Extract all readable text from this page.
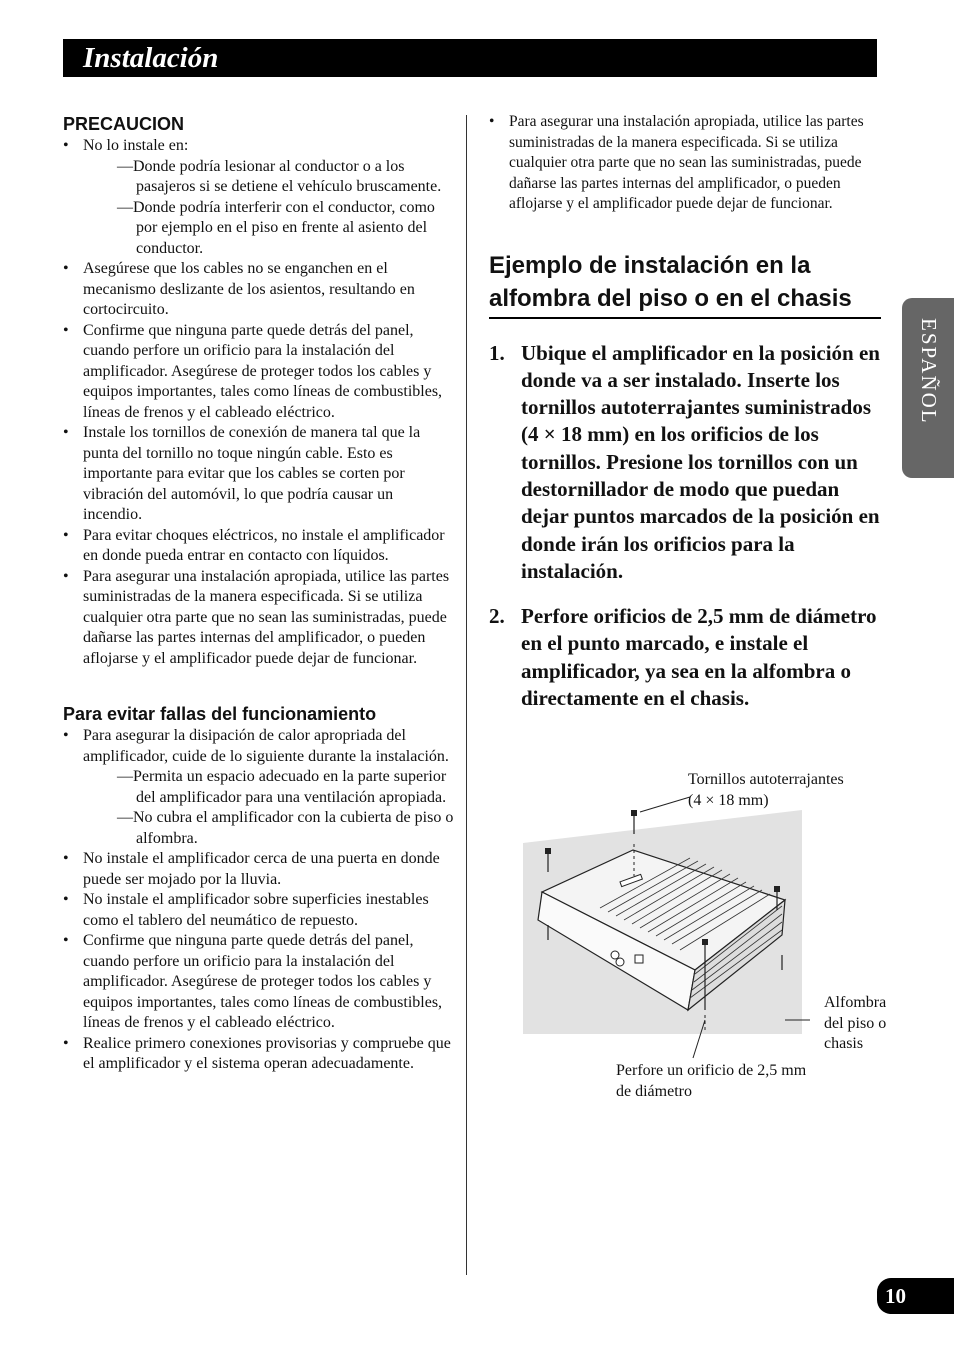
Instalación
PRECAUCION
• No lo instale en:
—Donde podría lesionar al conductor o a los pasajeros si se detiene el vehículo bruscamente.
—Donde podría interferir con el conductor, como por ejemplo en el piso en frente al asiento del conductor.
• Asegúrese que los cables no se enganchen en el mecanismo deslizante de los asientos, resultando en cortocircuito.
• Confirme que ninguna parte quede detrás del panel, cuando perfore un orificio para la instalación del amplificador. Asegúrese de proteger todos los cables y equipos importantes, tales como líneas de combustibles, líneas de frenos y el cableado eléctrico.
• Instale los tornillos de conexión de manera tal que la punta del tornillo no toque ningún cable. Esto es importante para evitar que los cables se corten por vibración del automóvil, lo que podría causar un incendio.
• Para evitar choques eléctricos, no instale el amplificador en donde pueda entrar en contacto con líquidos.
• Para asegurar una instalación apropiada, utilice las partes suministradas de la manera especificada. Si se utiliza cualquier otra parte que no sean las suministradas, puede dañarse las partes internas del amplificador, o pueden aflojarse y el amplificador puede dejar de funcionar.
Para evitar fallas del funcionamiento
• Para asegurar la disipación de calor apropriada del amplificador, cuide de lo siguiente durante la instalación.
—Permita un espacio adecuado en la parte superior del amplificador para una ventilación apropiada.
—No cubra el amplificador con la cubierta de piso o alfombra.
• No instale el amplificador cerca de una puerta en donde puede ser mojado por la lluvia.
• No instale el amplificador sobre superficies inestables como el tablero del neumático de repuesto.
• Confirme que ninguna parte quede detrás del panel, cuando perfore un orificio para la instalación del amplificador. Asegúrese de proteger todos los cables y equipos importantes, tales como líneas de combustibles, líneas de frenos y el cableado eléctrico.
• Realice primero conexiones provisorias y compruebe que el amplificador y el sistema operan adecuadamente.
• Para asegurar una instalación apropiada, utilice las partes suministradas de la manera especificada. Si se utiliza cualquier otra parte que no sean las suministradas, puede dañarse las partes internas del amplificador, o pueden aflojarse y el amplificador puede dejar de funcionar.
Ejemplo de instalación en la alfombra del piso o en el chasis
1. Ubique el amplificador en la posición en donde va a ser instalado. Inserte los tornillos autoterrajantes suministrados (4 × 18 mm) en los orificios de los tornillos. Presione los tornillos con un destornillador de modo que puedan dejar puntos marcados de la posición en donde irán los orificios para la instalación.
2. Perfore orificios de 2,5 mm de diámetro en el punto marcado, e instale el amplificador, ya sea en la alfombra o directamente en el chasis.
Tornillos autoterrajantes
(4 × 18 mm)
Alfombra
del piso o
chasis
Perfore un orificio de 2,5 mm
de diámetro
ESPAÑOL
10
